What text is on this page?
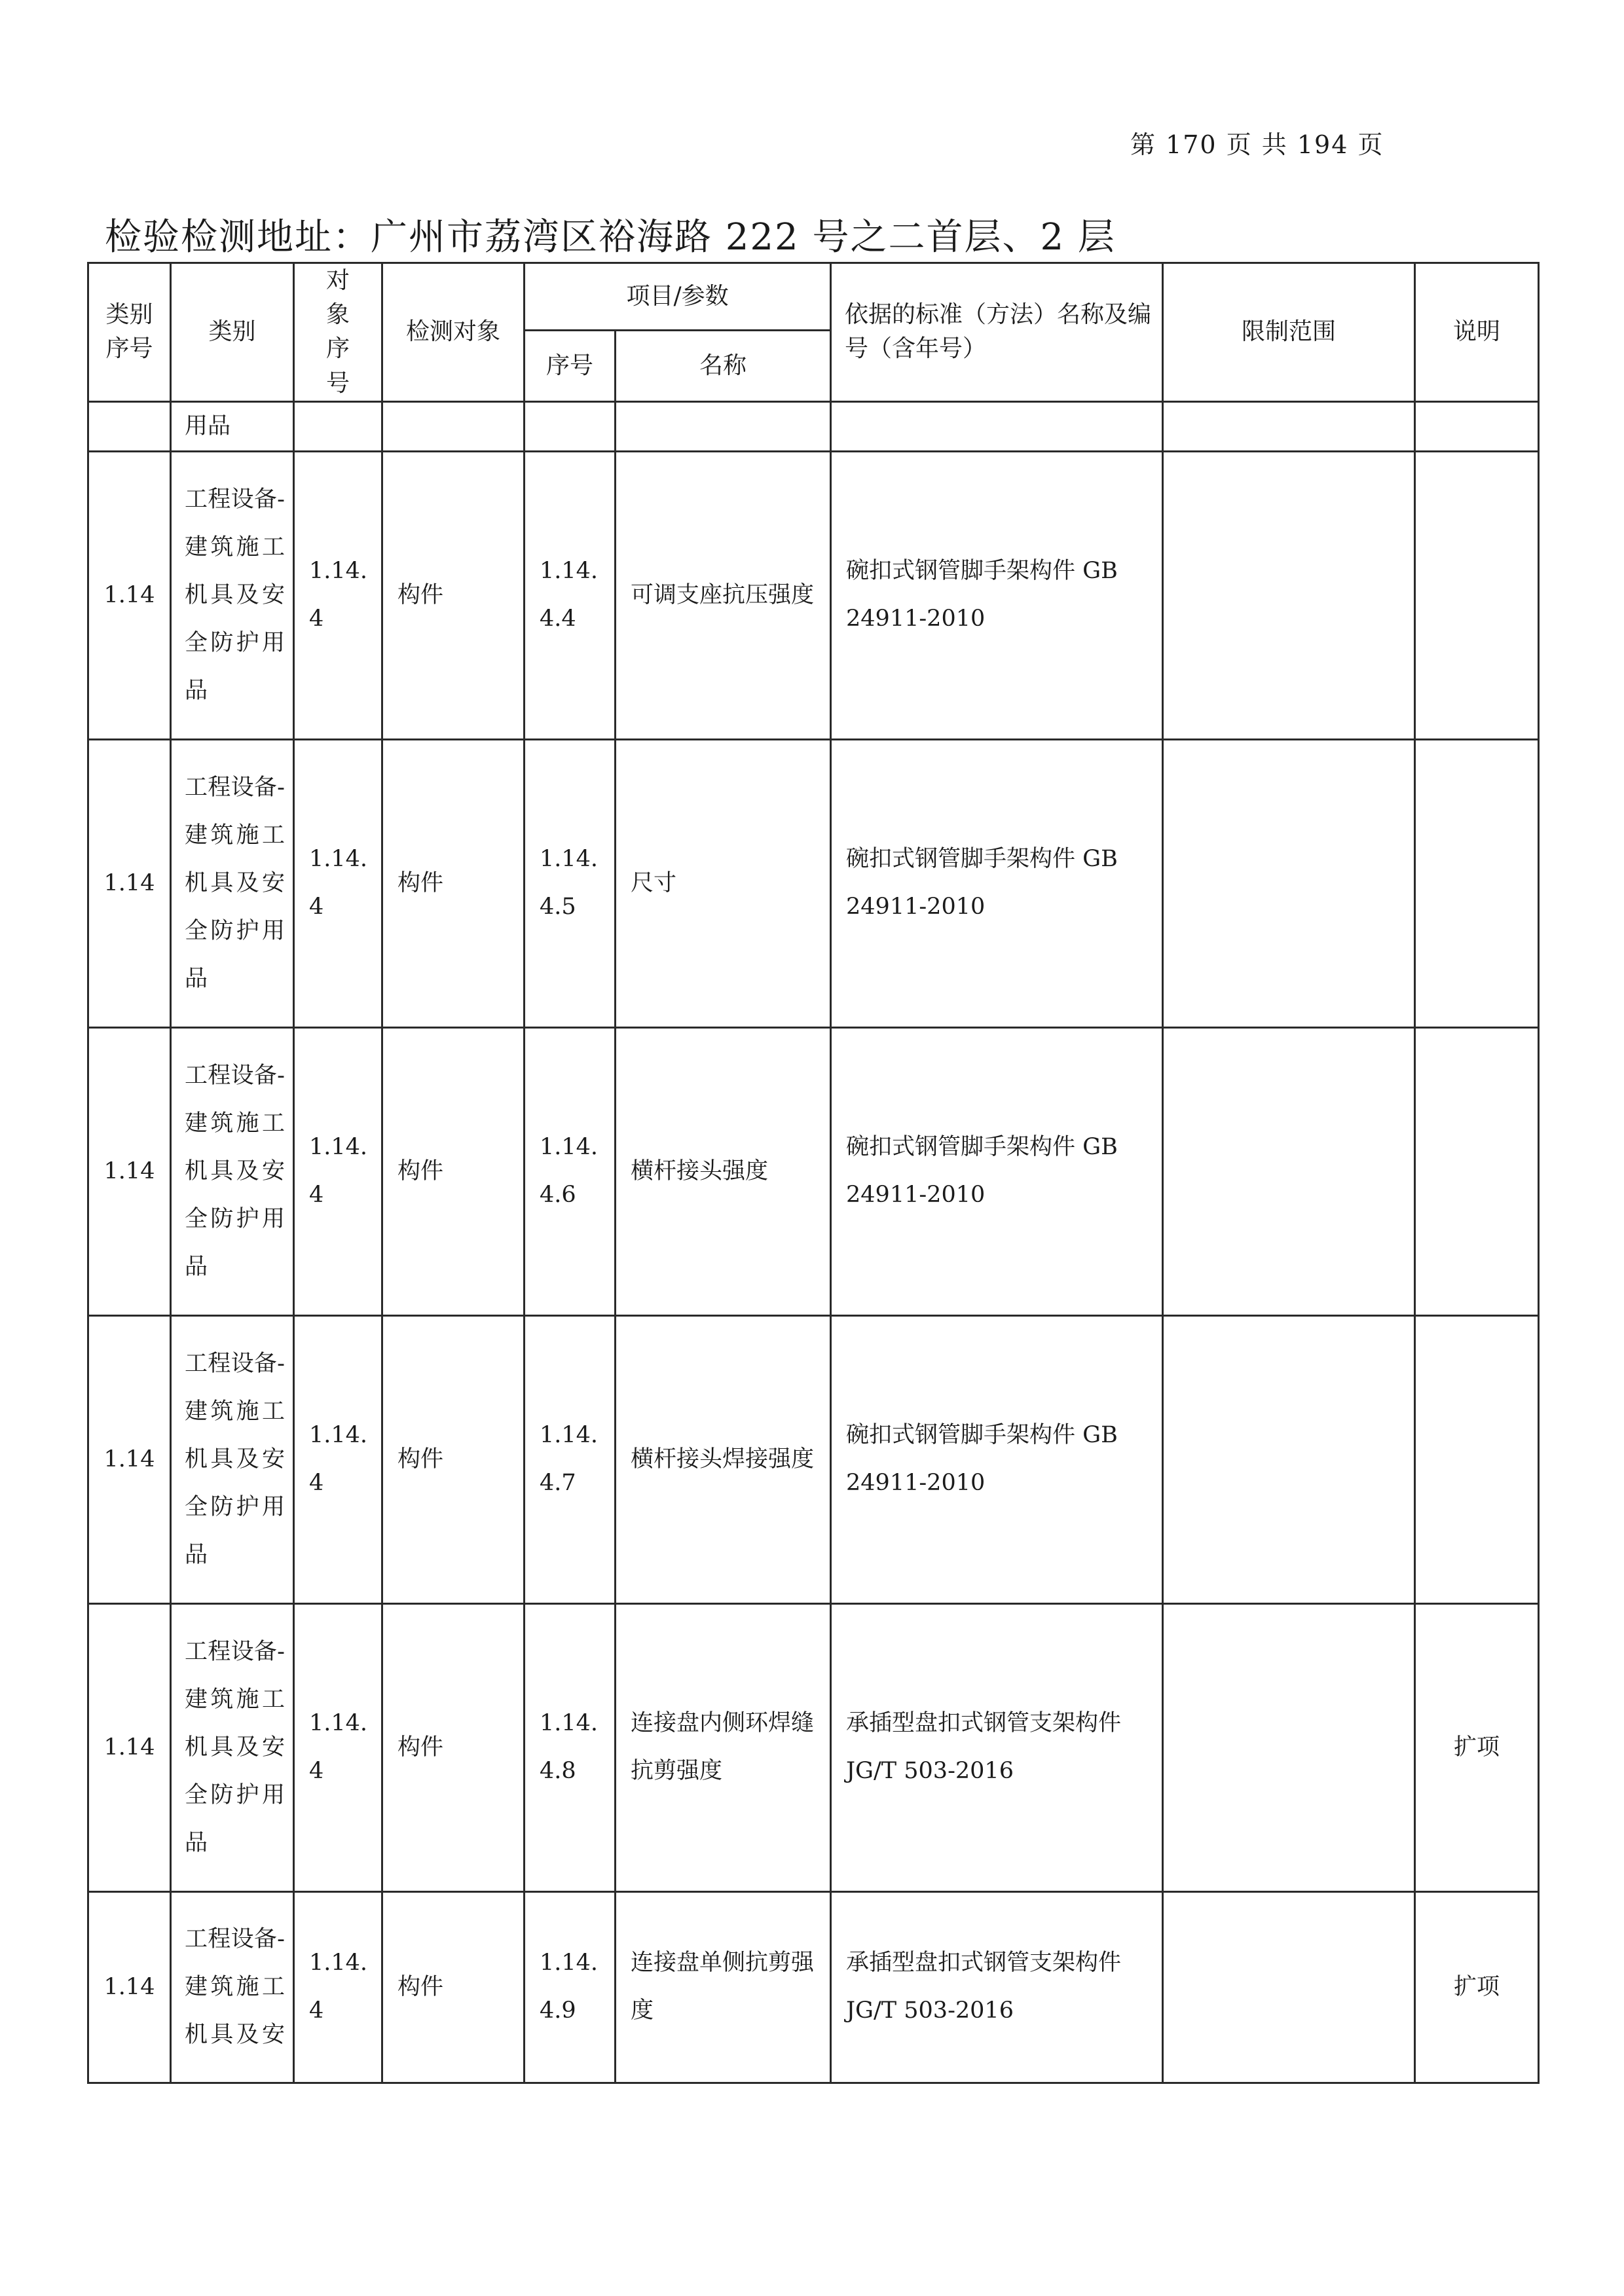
第 170 页 共 194 页
检验检测地址：广州市荔湾区裕海路 222 号之二首层、2 层
类别序号	类别	对象序号	检测对象	项目/参数		依据的标准（方法）名称及编号（含年号）	限制范围	说明
				序号	名称			
	用品							
1.14	工程设备-建筑施工机具及安全防护用品	1.14.4	构件	1.14.4.4	可调支座抗压强度	碗扣式钢管脚手架构件 GB
24911-2010		

1.14	工程设备-建筑施工机具及安全防护用品	1.14.4	构件	1.14.4.5	尺寸	碗扣式钢管脚手架构件 GB
24911-2010		

1.14	工程设备-建筑施工机具及安全防护用品	1.14.4	构件	1.14.4.6	横杆接头强度	碗扣式钢管脚手架构件 GB
24911-2010		

1.14	工程设备-建筑施工机具及安全防护用品	1.14.4	构件	1.14.4.7	横杆接头焊接强度	碗扣式钢管脚手架构件 GB
24911-2010		

1.14	工程设备-建筑施工机具及安全防护用品	1.14.4	构件	1.14.4.8	连接盘内侧环焊缝抗剪强度	承插型盘扣式钢管支架构件
JG/T 503-2016		扩项
1.14	工程设备-建筑施工机具及安	1.14.4	构件	1.14.4.9	连接盘单侧抗剪强度	承插型盘扣式钢管支架构件
JG/T 503-2016		扩项
